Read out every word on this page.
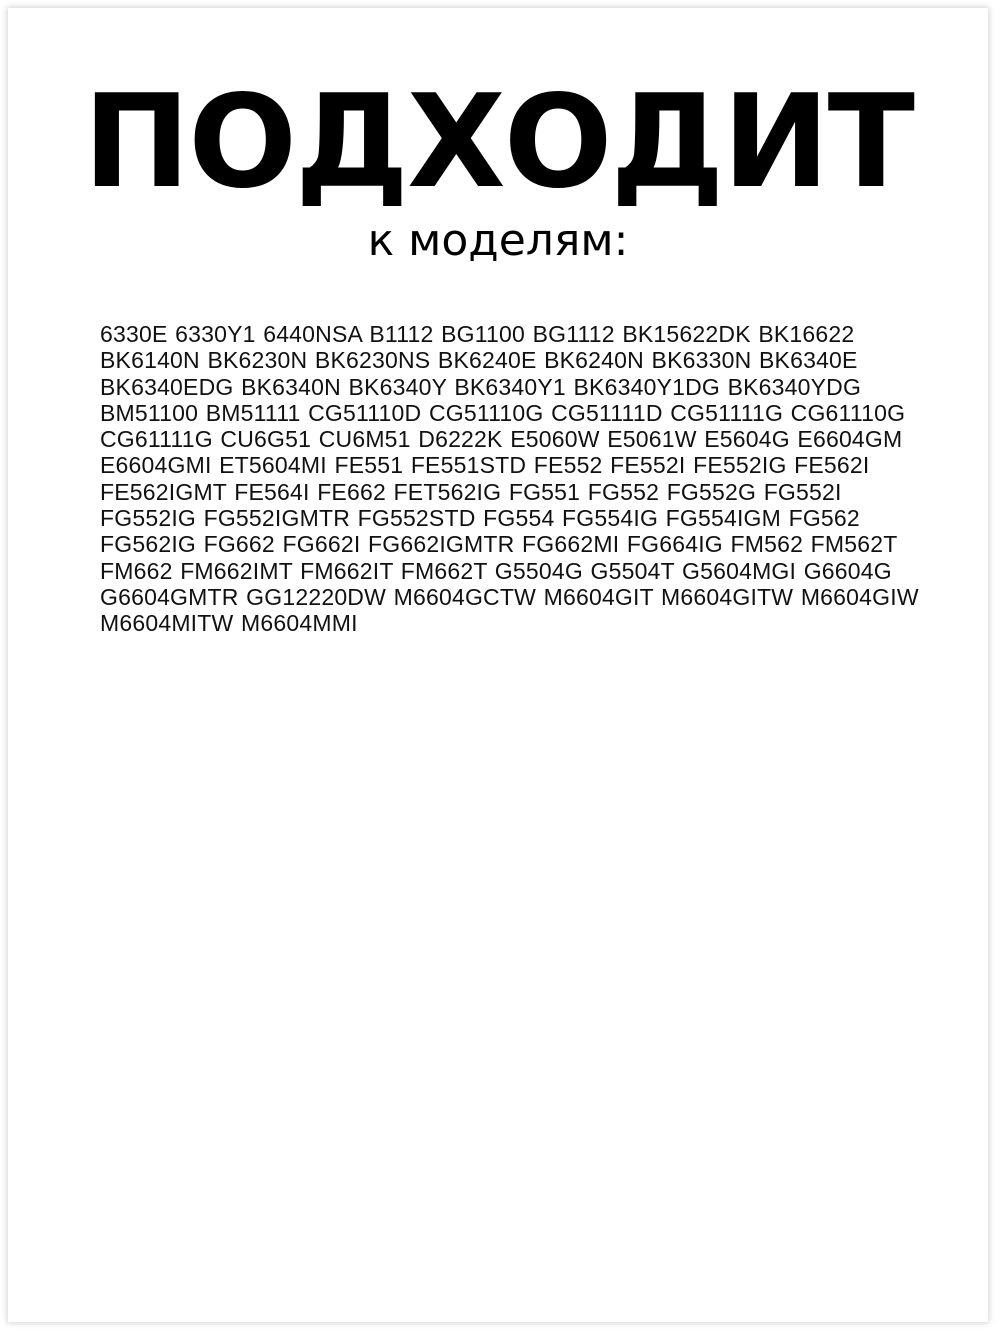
ПОДХОДИТ
к моделям:
6330E 6330Y1 6440NSA B1112 BG1100 BG1112 BK15622DK BK16622 BK6140N BK6230N BK6230NS BK6240E BK6240N BK6330N BK6340E BK6340EDG BK6340N BK6340Y BK6340Y1 BK6340Y1DG BK6340YDG BM51100 BM51111 CG51110D CG51110G CG51111D CG51111G CG61110G CG61111G CU6G51 CU6M51 D6222K E5060W E5061W E5604G E6604GM E6604GMI ET5604MI FE551 FE551STD FE552 FE552I FE552IG FE562I FE562IGMT FE564I FE662 FET562IG FG551 FG552 FG552G FG552I FG552IG FG552IGMTR FG552STD FG554 FG554IG FG554IGM FG562 FG562IG FG662 FG662I FG662IGMTR FG662MI FG664IG FM562 FM562T FM662 FM662IMT FM662IT FM662T G5504G G5504T G5604MGI G6604G G6604GMTR GG12220DW M6604GCTW M6604GIT M6604GITW M6604GIW M6604MITW M6604MMI
